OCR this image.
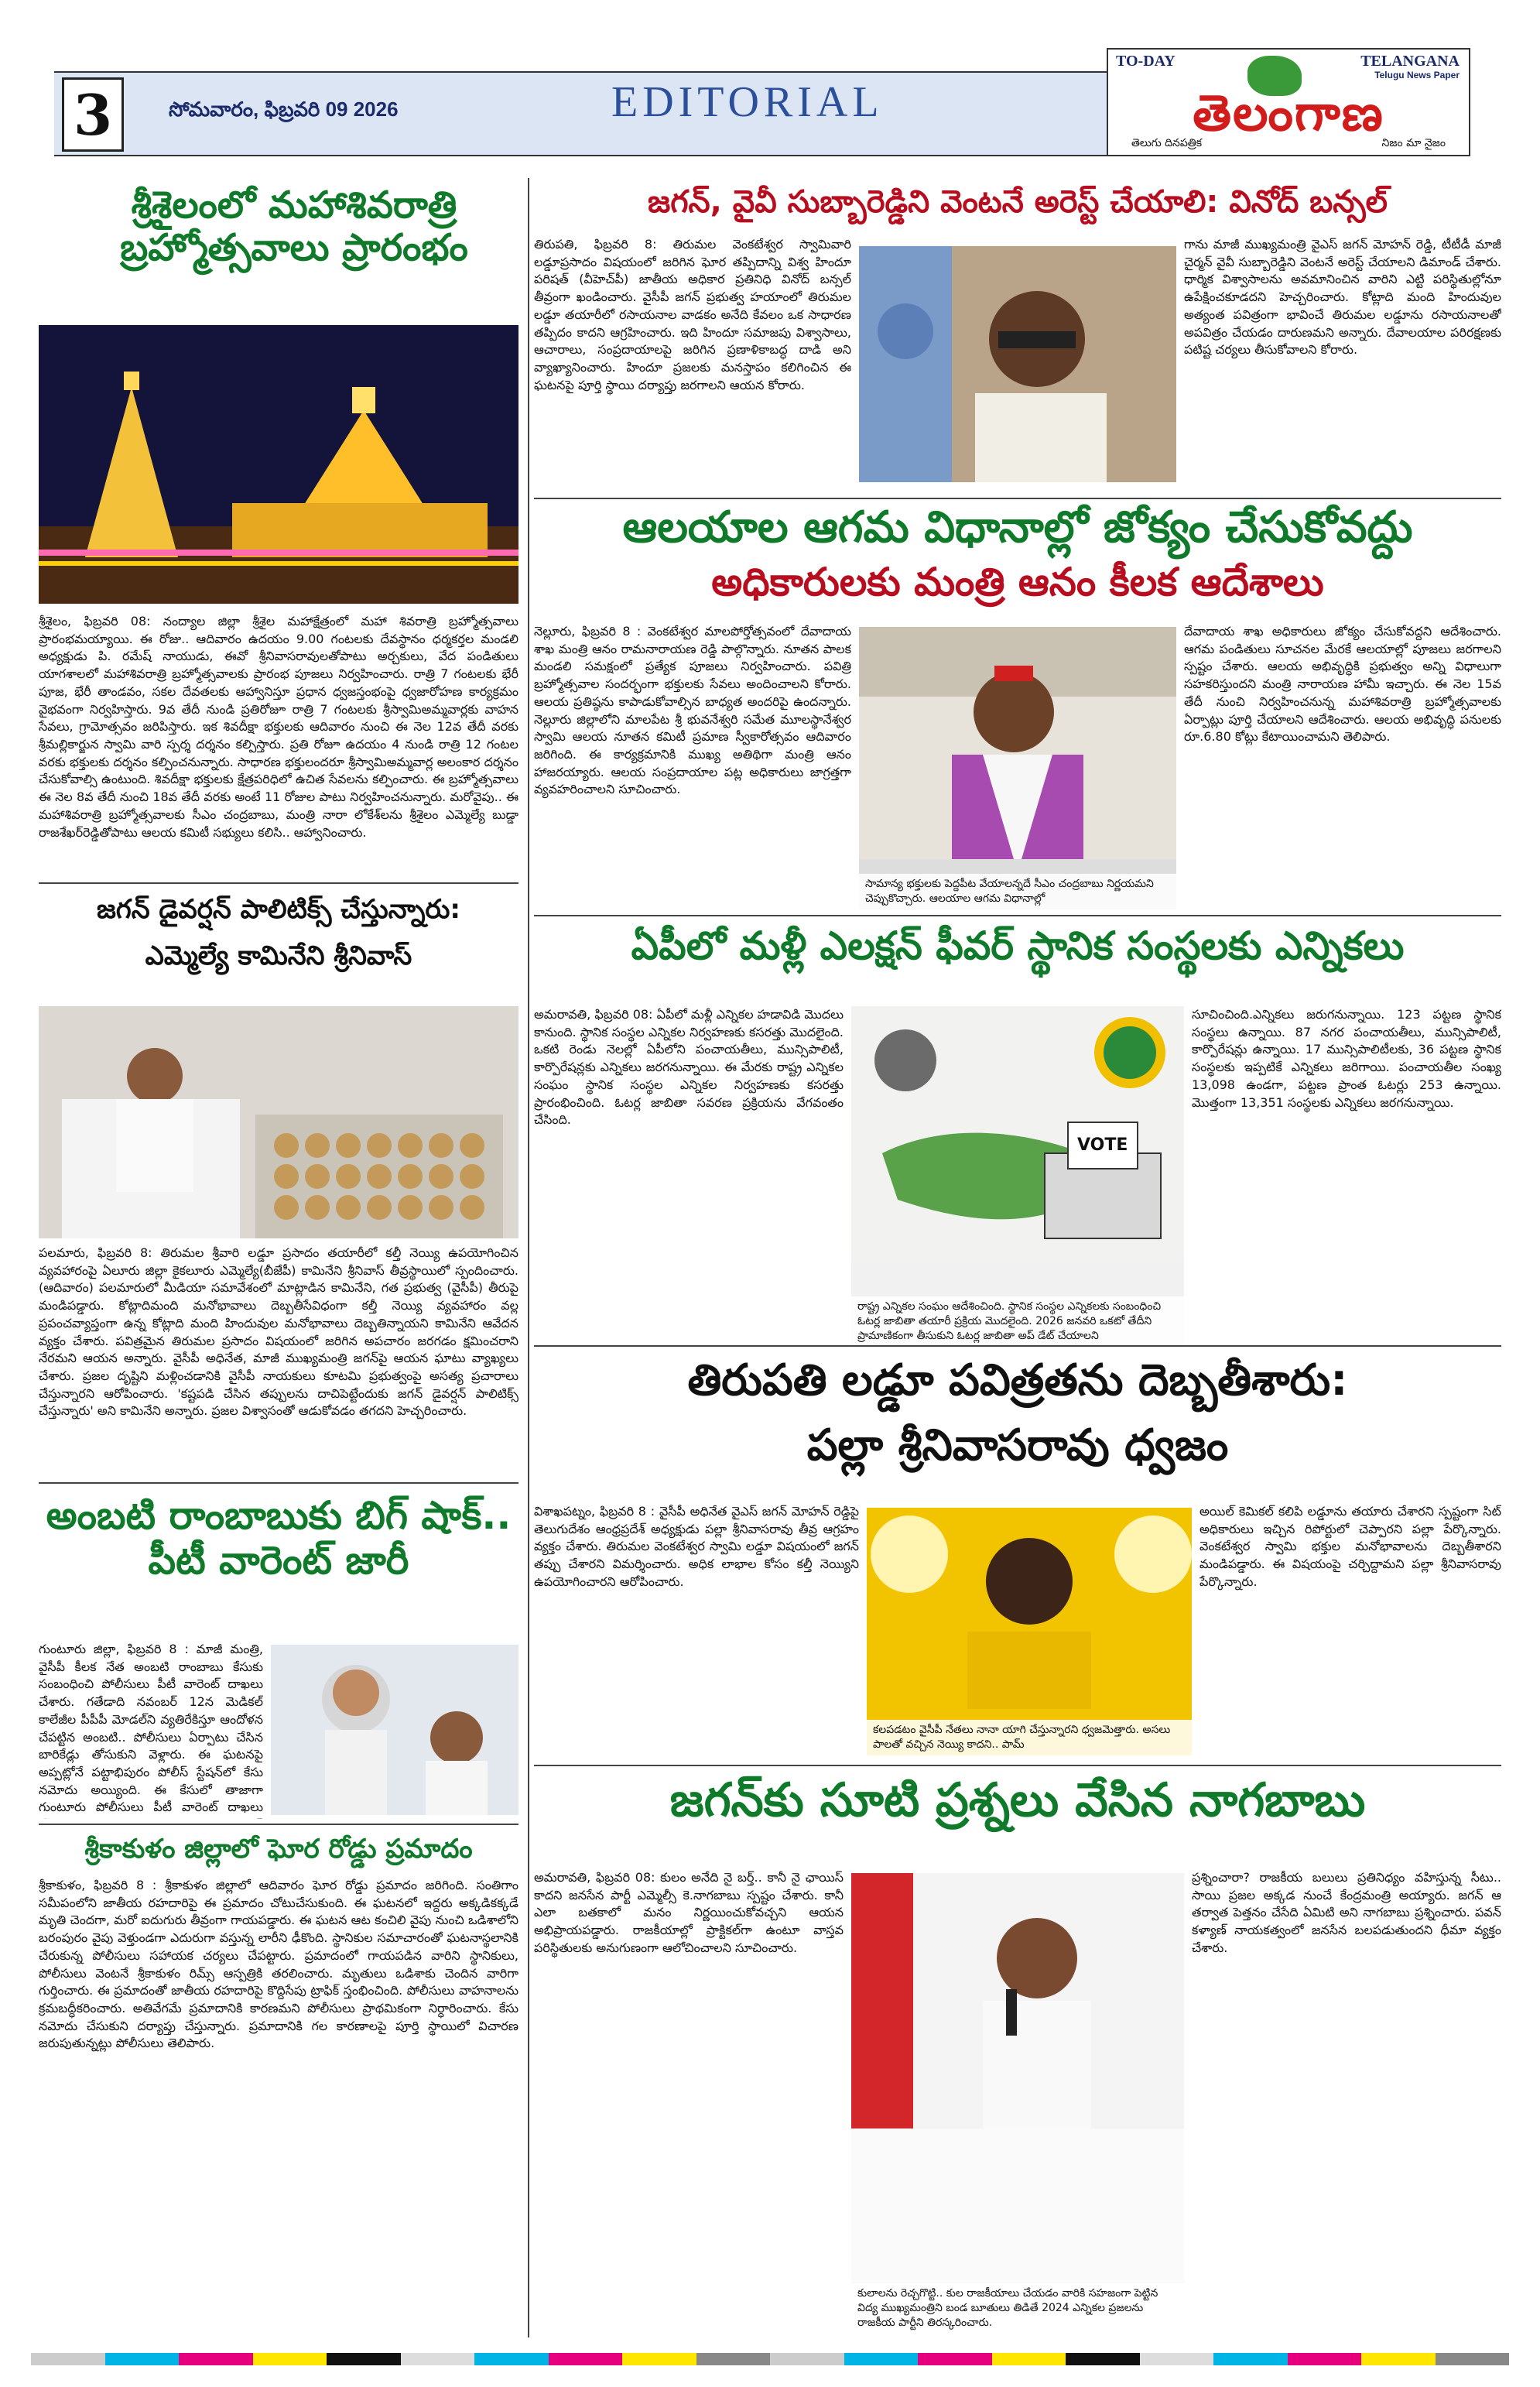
3	సోమవారం, ఫిబ్రవరి 09 2026	EDITORIAL
TO-DAY	TELANGANA
Telugu News Paper
తెలంగాణ
తెలుగు దినపత్రిక	నిజం మా నైజం
శ్రీశైలంలో మహాశివరాత్రి బ్రహ్మోత్సవాలు ప్రారంభం
శ్రీశైలం, ఫిబ్రవరి 08: నంద్యాల జిల్లా శ్రీశైల మహాక్షేత్రంలో మహా శివరాత్రి బ్రహ్మోత్సవాలు ప్రారంభమయ్యాయి. ఈ రోజు.. ఆదివారం ఉదయం 9.00 గంటలకు దేవస్థానం ధర్మకర్తల మండలి అధ్యక్షుడు పి. రమేష్ నాయుడు, ఈవో శ్రీనివాసరావులతోపాటు అర్చకులు, వేద పండితులు యాగశాలలో మహాశివరాత్రి బ్రహ్మోత్సవాలకు ప్రారంభ పూజలు నిర్వహించారు. రాత్రి 7 గంటలకు భేరీ పూజ, భేరీ తాండవం, సకల దేవతలకు ఆహ్వానిస్తూ ప్రధాన ధ్వజస్తంభంపై ధ్వజారోహణ కార్యక్రమం వైభవంగా నిర్వహిస్తారు. 9వ తేదీ నుండి ప్రతిరోజూ రాత్రి 7 గంటలకు శ్రీస్వామిఅమ్మవార్లకు వాహన సేవలు, గ్రామోత్సవం జరిపిస్తారు. ఇక శివదీక్షా భక్తులకు ఆదివారం నుంచి ఈ నెల 12వ తేదీ వరకు శ్రీమల్లికార్జున స్వామి వారి స్పర్శ దర్శనం కల్పిస్తారు. ప్రతి రోజూ ఉదయం 4 నుండి రాత్రి 12 గంటల వరకు భక్తులకు దర్శనం కల్పించనున్నారు. సాధారణ భక్తులందరూ శ్రీస్వామిఅమ్మవార్ల అలంకార దర్శనం చేసుకోవాల్సి ఉంటుంది. శివదీక్షా భక్తులకు క్షేత్రపరిధిలో ఉచిత సేవలను కల్పించారు. ఈ బ్రహ్మోత్సవాలు ఈ నెల 8వ తేదీ నుంచి 18వ తేదీ వరకు అంటే 11 రోజుల పాటు నిర్వహించనున్నారు. మరోవైపు.. ఈ మహాశివరాత్రి బ్రహ్మోత్సవాలకు సీఎం చంద్రబాబు, మంత్రి నారా లోకేశ్‌లను శ్రీశైలం ఎమ్మెల్యే బుడ్డా రాజశేఖర్‌రెడ్డితోపాటు ఆలయ కమిటీ సభ్యులు కలిసి.. ఆహ్వానించారు.
జగన్ డైవర్షన్ పాలిటిక్స్ చేస్తున్నారు:
ఎమ్మెల్యే కామినేని శ్రీనివాస్
పలమారు, ఫిబ్రవరి 8: తిరుమల శ్రీవారి లడ్డూ ప్రసాదం తయారీలో కల్తీ నెయ్యి ఉపయోగించిన వ్యవహారంపై ఏలూరు జిల్లా కైకలూరు ఎమ్మెల్యే(బీజేపీ) కామినేని శ్రీనివాస్ తీవ్రస్థాయిలో స్పందించారు. (ఆదివారం) పలమారులో మీడియా సమావేశంలో మాట్లాడిన కామినేని, గత ప్రభుత్వ (వైసీపీ) తీరుపై మండిపడ్డారు. కోట్లాదిమంది మనోభావాలు దెబ్బతీసేవిధంగా కల్తీ నెయ్యి వ్యవహారం వల్ల ప్రపంచవ్యాప్తంగా ఉన్న కోట్లాది మంది హిందువుల మనోభావాలు దెబ్బతిన్నాయని కామినేని ఆవేదన వ్యక్తం చేశారు. పవిత్రమైన తిరుమల ప్రసాదం విషయంలో జరిగిన అపచారం జరగడం క్షమించరాని నేరమని ఆయన అన్నారు. వైసీపీ అధినేత, మాజీ ముఖ్యమంత్రి జగన్‌పై ఆయన ఘాటు వ్యాఖ్యలు చేశారు. ప్రజల దృష్టిని మళ్లించడానికి వైసీపీ నాయకులు కూటమి ప్రభుత్వంపై అసత్య ప్రచారాలు చేస్తున్నారని ఆరోపించారు. 'కష్టపడి చేసిన తప్పులను దాచిపెట్టేందుకు జగన్ డైవర్షన్ పాలిటిక్స్ చేస్తున్నారు' అని కామినేని అన్నారు. ప్రజల విశ్వాసంతో ఆడుకోవడం తగదని హెచ్చరించారు.
అంబటి రాంబాబుకు బిగ్ షాక్.. పీటీ వారెంట్ జారీ
గుంటూరు జిల్లా, ఫిబ్రవరి 8 : మాజీ మంత్రి, వైసీపీ కీలక నేత అంబటి రాంబాబు కేసుకు సంబంధించి పోలీసులు పీటీ వారెంట్ దాఖలు చేశారు. గతేడాది నవంబర్ 12న మెడికల్ కాలేజీల పీపీపీ మోడల్‌ని వ్యతిరేకిస్తూ ఆందోళన చేపట్టిన అంబటి.. పోలీసులు ఏర్పాటు చేసిన బారికేడ్లు తోసుకుని వెళ్లారు. ఈ ఘటనపై అప్పట్లోనే పట్టాభిపురం పోలీస్ స్టేషన్‌లో కేసు నమోదు అయ్యింది. ఈ కేసులో తాజాగా గుంటూరు పోలీసులు పీటీ వారెంట్ దాఖలు
శ్రీకాకుళం జిల్లాలో ఘోర రోడ్డు ప్రమాదం
శ్రీకాకుళం, ఫిబ్రవరి 8 : శ్రీకాకుళం జిల్లాలో ఆదివారం ఘోర రోడ్డు ప్రమాదం జరిగింది. సంతిగాం సమీపంలోని జాతీయ రహదారిపై ఈ ప్రమాదం చోటుచేసుకుంది. ఈ ఘటనలో ఇద్దరు అక్కడికక్కడే మృతి చెందగా, మరో ఐదుగురు తీవ్రంగా గాయపడ్డారు. ఈ ఘటన ఆట కంచిలి వైపు నుంచి ఒడిశాలోని బరంపురం వైపు వెళ్తుండగా ఎదురుగా వస్తున్న లారీని ఢీకొంది. స్థానికుల సమాచారంతో ఘటనాస్థలానికి చేరుకున్న పోలీసులు సహాయక చర్యలు చేపట్టారు. ప్రమాదంలో గాయపడిన వారిని స్థానికులు, పోలీసులు వెంటనే శ్రీకాకుళం రిమ్స్ ఆస్పత్రికి తరలించారు. మృతులు ఒడిశాకు చెందిన వారిగా గుర్తించారు. ఈ ప్రమాదంతో జాతీయ రహదారిపై కొద్దిసేపు ట్రాఫిక్ స్తంభించింది. పోలీసులు వాహనాలను క్రమబద్ధీకరించారు. అతివేగమే ప్రమాదానికి కారణమని పోలీసులు ప్రాథమికంగా నిర్ధారించారు. కేసు నమోదు చేసుకుని దర్యాప్తు చేస్తున్నారు. ప్రమాదానికి గల కారణాలపై పూర్తి స్థాయిలో విచారణ జరుపుతున్నట్లు పోలీసులు తెలిపారు.
జగన్, వైవీ సుబ్బారెడ్డిని వెంటనే అరెస్ట్ చేయాలి: వినోద్ బన్సల్
తిరుపతి, ఫిబ్రవరి 8: తిరుమల వెంకటేశ్వర స్వామివారి లడ్డూప్రసాదం విషయంలో జరిగిన ఘోర తప్పిదాన్ని విశ్వ హిందూ పరిషత్ (వీహెచ్‌పీ) జాతీయ అధికార ప్రతినిధి వినోద్ బన్సల్ తీవ్రంగా ఖండించారు. వైసీపీ జగన్ ప్రభుత్వ హయాంలో తిరుమల లడ్డూ తయారీలో రసాయనాల వాడకం అనేది కేవలం ఒక సాధారణ తప్పిదం కాదని ఆగ్రహించారు. ఇది హిందూ సమాజపు విశ్వాసాలు, ఆచారాలు, సంప్రదాయాలపై జరిగిన ప్రణాళికాబద్ధ దాడి అని వ్యాఖ్యానించారు. హిందూ ప్రజలకు మనస్తాపం కలిగించిన ఈ ఘటనపై పూర్తి స్థాయి దర్యాప్తు జరగాలని ఆయన కోరారు.
గాను మాజీ ముఖ్యమంత్రి వైఎస్ జగన్ మోహన్ రెడ్డి, టీటీడీ మాజీ చైర్మన్ వైవీ సుబ్బారెడ్డిని వెంటనే అరెస్ట్ చేయాలని డిమాండ్ చేశారు. ధార్మిక విశ్వాసాలను అవమానించిన వారిని ఎట్టి పరిస్థితుల్లోనూ ఉపేక్షించకూడదని హెచ్చరించారు. కోట్లాది మంది హిందువుల అత్యంత పవిత్రంగా భావించే తిరుమల లడ్డూను రసాయనాలతో అపవిత్రం చేయడం దారుణమని అన్నారు. దేవాలయాల పరిరక్షణకు పటిష్ట చర్యలు తీసుకోవాలని కోరారు.
ఆలయాల ఆగమ విధానాల్లో జోక్యం చేసుకోవద్దు
అధికారులకు మంత్రి ఆనం కీలక ఆదేశాలు
నెల్లూరు, ఫిబ్రవరి 8 : వెంకటేశ్వర మాలపోర్తోత్సవంలో దేవాదాయ శాఖ మంత్రి ఆనం రామనారాయణ రెడ్డి పాల్గొన్నారు. నూతన పాలక మండలి సమక్షంలో ప్రత్యేక పూజలు నిర్వహించారు. పవిత్రి బ్రహ్మోత్సవాల సందర్భంగా భక్తులకు సేవలు అందించాలని కోరారు. ఆలయ ప్రతిష్ఠను కాపాడుకోవాల్సిన బాధ్యత అందరిపై ఉందన్నారు. నెల్లూరు జిల్లాలోని మాలపేట శ్రీ భువనేశ్వరి సమేత మూలస్థానేశ్వర స్వామి ఆలయ నూతన కమిటీ ప్రమాణ స్వీకారోత్సవం ఆదివారం జరిగింది. ఈ కార్యక్రమానికి ముఖ్య అతిథిగా మంత్రి ఆనం హాజరయ్యారు. ఆలయ సంప్రదాయాల పట్ల అధికారులు జాగ్రత్తగా వ్యవహరించాలని సూచించారు.
సామాన్య భక్తులకు పెద్దపీట వేయాలన్నదే సీఎం చంద్రబాబు నిర్ణయమని చెప్పుకొచ్చారు. ఆలయాల ఆగమ విధానాల్లో
దేవాదాయ శాఖ అధికారులు జోక్యం చేసుకోవద్దని ఆదేశించారు. ఆగమ పండితులు సూచనల మేరకే ఆలయాల్లో పూజలు జరగాలని స్పష్టం చేశారు. ఆలయ అభివృద్ధికి ప్రభుత్వం అన్ని విధాలుగా సహకరిస్తుందని మంత్రి నారాయణ హామీ ఇచ్చారు. ఈ నెల 15వ తేదీ నుంచి నిర్వహించనున్న మహాశివరాత్రి బ్రహ్మోత్సవాలకు ఏర్పాట్లు పూర్తి చేయాలని ఆదేశించారు. ఆలయ అభివృద్ధి పనులకు రూ.6.80 కోట్లు కేటాయించామని తెలిపారు.
ఏపీలో మళ్లీ ఎలక్షన్ ఫీవర్ స్థానిక సంస్థలకు ఎన్నికలు
అమరావతి, ఫిబ్రవరి 08: ఏపీలో మళ్లీ ఎన్నికల హడావిడి మొదలు కానుంది. స్థానిక సంస్థల ఎన్నికల నిర్వహణకు కసరత్తు మొదలైంది. ఒకటి రెండు నెలల్లో ఏపీలోని పంచాయతీలు, మున్సిపాలిటీ, కార్పొరేషన్లకు ఎన్నికలు జరగనున్నాయి. ఈ మేరకు రాష్ట్ర ఎన్నికల సంఘం స్థానిక సంస్థల ఎన్నికల నిర్వహణకు కసరత్తు ప్రారంభించింది. ఓటర్ల జాబితా సవరణ ప్రక్రియను వేగవంతం చేసింది.
VOTE
రాష్ట్ర ఎన్నికల సంఘం ఆదేశించింది. స్థానిక సంస్థల ఎన్నికలకు సంబంధించి ఓటర్ల జాబితా తయారీ ప్రక్రియ మొదలైంది. 2026 జనవరి ఒకటో తేదీని ప్రామాణికంగా తీసుకుని ఓటర్ల జాబితా అప్ డేట్ చేయాలని
సూచించింది.ఎన్నికలు జరుగనున్నాయి. 123 పట్టణ స్థానిక సంస్థలు ఉన్నాయి. 87 నగర పంచాయతీలు, మున్సిపాలిటీ, కార్పొరేషన్లు ఉన్నాయి. 17 మున్సిపాలిటీలకు, 36 పట్టణ స్థానిక సంస్థలకు ఇప్పటికే ఎన్నికలు జరిగాయి. పంచాయతీల సంఖ్య 13,098 ఉండగా, పట్టణ ప్రాంత ఓటర్లు 253 ఉన్నాయి. మొత్తంగా 13,351 సంస్థలకు ఎన్నికలు జరగనున్నాయి.
తిరుపతి లడ్డూ పవిత్రతను దెబ్బతీశారు:
పల్లా శ్రీనివాసరావు ధ్వజం
విశాఖపట్నం, ఫిబ్రవరి 8 : వైసీపీ అధినేత వైఎస్ జగన్ మోహన్ రెడ్డిపై తెలుగుదేశం ఆంధ్రప్రదేశ్ అధ్యక్షుడు పల్లా శ్రీనివాసరావు తీవ్ర ఆగ్రహం వ్యక్తం చేశారు. తిరుమల వెంకటేశ్వర స్వామి లడ్డూ విషయంలో జగన్ తప్పు చేశారని విమర్శించారు. అధిక లాభాల కోసం కల్తీ నెయ్యిని ఉపయోగించారని ఆరోపించారు.
కలపడటం వైసీపీ నేతలు నానా యాగి చేస్తున్నారని ధ్వజమెత్తారు. అసలు పాలతో వచ్చిన నెయ్యి కాదని.. పామ్
అయిల్ కెమికల్ కలిపి లడ్డూను తయారు చేశారని స్పష్టంగా సిట్ అధికారులు ఇచ్చిన రిపోర్టులో చెప్పారని పల్లా పేర్కొన్నారు. వెంకటేశ్వర స్వామి భక్తుల మనోభావాలను దెబ్బతీశారని మండిపడ్డారు. ఈ విషయంపై చర్చిద్దామని పల్లా శ్రీనివాసరావు పేర్కొన్నారు.
జగన్‌కు సూటి ప్రశ్నలు వేసిన నాగబాబు
అమరావతి, ఫిబ్రవరి 08: కులం అనేది నై బర్త్.. కానీ నై ఛాయిస్ కాదని జనసేన పార్టీ ఎమ్మెల్సీ కె.నాగబాబు స్పష్టం చేశారు. కానీ ఎలా బతకాలో మనం నిర్ణయించుకోవచ్చని ఆయన అభిప్రాయపడ్డారు. రాజకీయాల్లో ప్రాక్టికల్‌గా ఉంటూ వాస్తవ పరిస్థితులకు అనుగుణంగా ఆలోచించాలని సూచించారు.
కులాలను రెచ్చగొట్టి.. కుల రాజకీయాలు చేయడం వారికి సహజంగా పెట్టిన విద్య ముఖ్యమంత్రిని బండ బూతులు తిడితే 2024 ఎన్నికల ప్రజలను రాజకీయ పార్టీని తిరస్కరించారు.
ప్రశ్నించారా? రాజకీయ బలులు ప్రతినిధ్యం వహిస్తున్న సీటు.. సాయి ప్రజల అక్కడ నుంచే కేంద్రమంత్రి అయ్యారు. జగన్ ఆ తర్వాత పెత్తనం చేసేది ఏమిటి అని నాగబాబు ప్రశ్నించారు. పవన్ కళ్యాణ్ నాయకత్వంలో జనసేన బలపడుతుందని ధీమా వ్యక్తం చేశారు.
